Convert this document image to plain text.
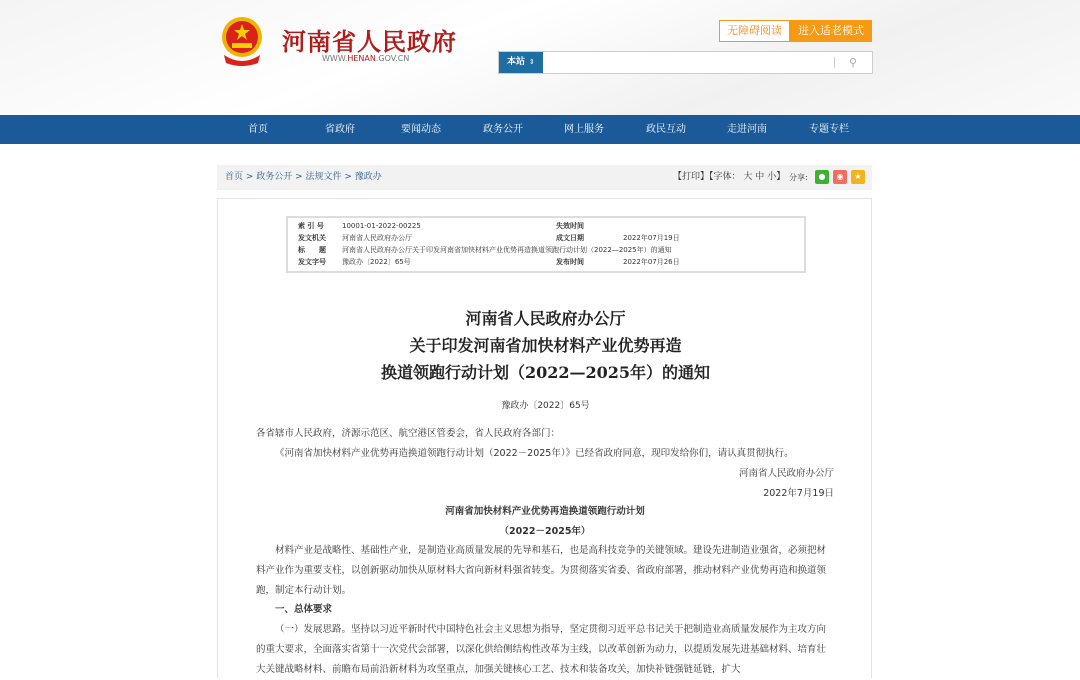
河南省人民政府
WWW.HENAN.GOV.CN
无障碍阅读	进入适老模式
本站 ⇕	⚲
首页	省政府	要闻动态	政务公开	网上服务	政民互动	走进河南	专题专栏
首页 > 政务公开 > 法规文件 > 豫政办	【打印】【字体： 大 中 小】 分享:	●	◉	★
索 引 号	10001-01-2022-00225	失效时间
发文机关 河南省人民政府办公厅	成文日期	2022年07月19日
标　　题 河南省人民政府办公厅关于印发河南省加快材料产业优势再造换道领跑行动计划（2022—2025年）的通知
发文字号 豫政办〔2022〕65号	发布时间	2022年07月26日
河南省人民政府办公厅
关于印发河南省加快材料产业优势再造
换道领跑行动计划（2022—2025年）的通知
豫政办〔2022〕65号
各省辖市人民政府，济源示范区、航空港区管委会，省人民政府各部门：
《河南省加快材料产业优势再造换道领跑行动计划（2022－2025年）》已经省政府同意，现印发给你们，请认真贯彻执行。
河南省人民政府办公厅
2022年7月19日
河南省加快材料产业优势再造换道领跑行动计划
（2022－2025年）
材料产业是战略性、基础性产业，是制造业高质量发展的先导和基石，也是高科技竞争的关键领域。建设先进制造业强省，必须把材料产业作为重要支柱，以创新驱动加快从原材料大省向新材料强省转变。为贯彻落实省委、省政府部署，推动材料产业优势再造和换道领跑，制定本行动计划。
一、总体要求
（一）发展思路。坚持以习近平新时代中国特色社会主义思想为指导，坚定贯彻习近平总书记关于把制造业高质量发展作为主攻方向的重大要求，全面落实省第十一次党代会部署，以深化供给侧结构性改革为主线，以改革创新为动力，以提质发展先进基础材料、培育壮大关键战略材料、前瞻布局前沿新材料为攻坚重点，加强关键核心工艺、技术和装备攻关，加快补链强链延链，扩大
